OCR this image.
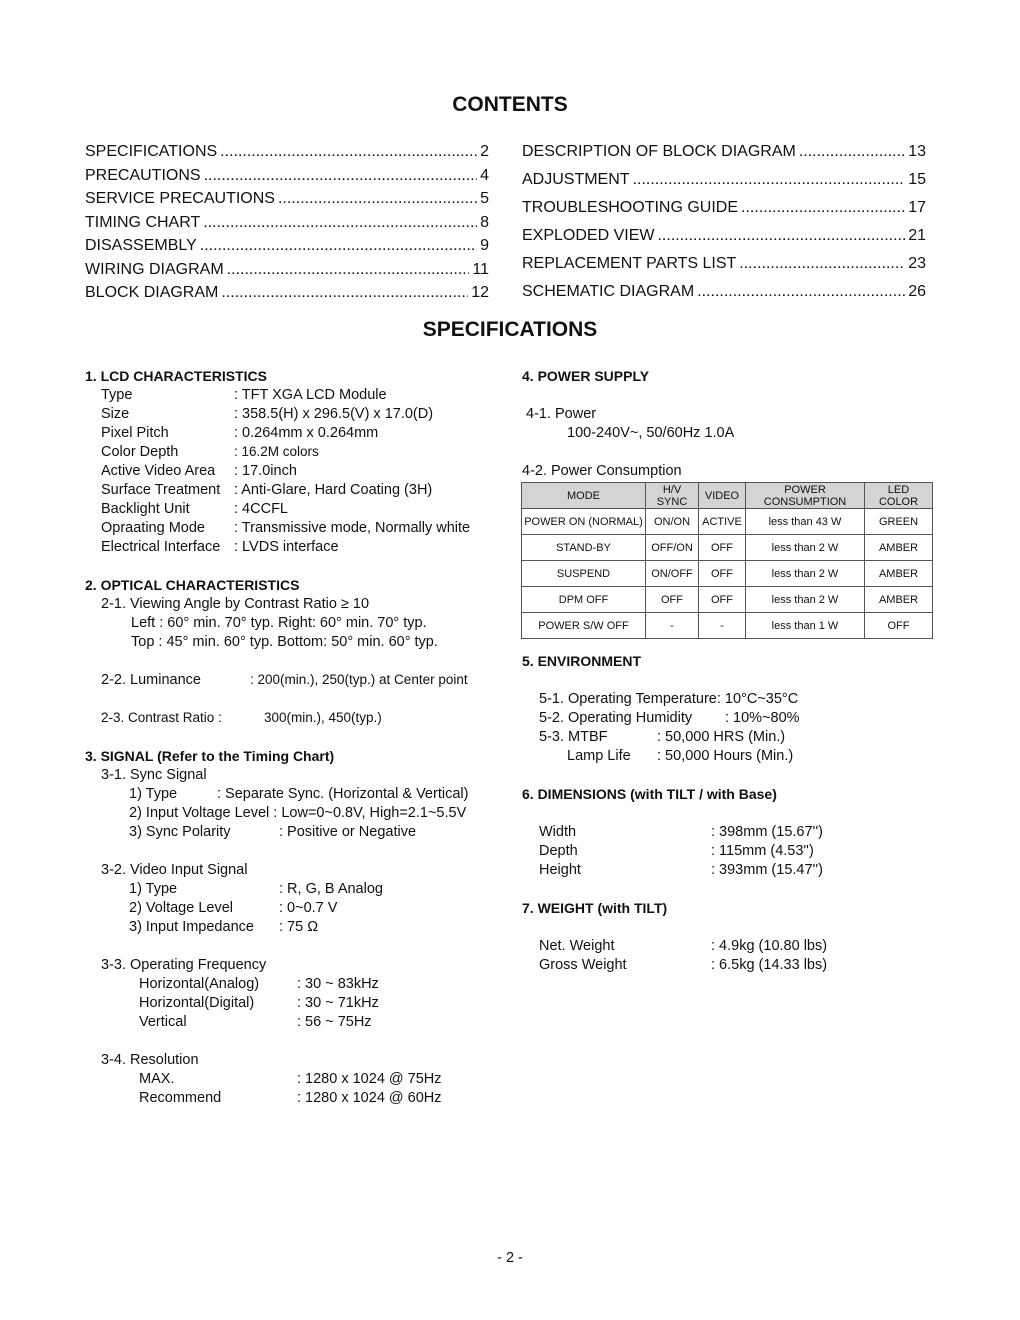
CONTENTS
SPECIFICATIONS .....	2
PRECAUTIONS .....	4
SERVICE PRECAUTIONS .....	5
TIMING CHART .....	8
DISASSEMBLY .....	9
WIRING DIAGRAM .....	11
BLOCK DIAGRAM .....	12
DESCRIPTION OF BLOCK DIAGRAM .....	13
ADJUSTMENT .....	15
TROUBLESHOOTING GUIDE .....	17
EXPLODED VIEW .....	21
REPLACEMENT PARTS LIST .....	23
SCHEMATIC DIAGRAM .....	26
SPECIFICATIONS
1. LCD CHARACTERISTICS
Type	: TFT XGA LCD Module
Size	: 358.5(H) x 296.5(V) x 17.0(D)
Pixel Pitch	: 0.264mm x 0.264mm
Color Depth	: 16.2M colors
Active Video Area : 17.0inch
Surface Treatment : Anti-Glare, Hard Coating (3H)
Backlight Unit	: 4CCFL
Opraating Mode : Transmissive mode, Normally white
Electrical Interface : LVDS interface
2. OPTICAL CHARACTERISTICS
2-1. Viewing Angle by Contrast Ratio ≥ 10
Left : 60° min. 70° typ. Right: 60° min. 70° typ.
Top : 45° min. 60° typ. Bottom: 50° min. 60° typ.
2-2. Luminance	: 200(min.), 250(typ.) at Center point
2-3. Contrast Ratio :	300(min.), 450(typ.)
3. SIGNAL (Refer to the Timing Chart)
3-1. Sync Signal
1) Type	: Separate Sync. (Horizontal & Vertical)
2) Input Voltage Level : Low=0~0.8V, High=2.1~5.5V
3) Sync Polarity	: Positive or Negative
3-2. Video Input Signal
1) Type	: R, G, B Analog
2) Voltage Level	: 0~0.7 V
3) Input Impedance : 75 Ω
3-3. Operating Frequency
Horizontal(Analog)	: 30 ~ 83kHz
Horizontal(Digital)	: 30 ~ 71kHz
Vertical	: 56 ~ 75Hz
3-4. Resolution
MAX.	: 1280 x 1024 @ 75Hz
Recommend	: 1280 x 1024 @ 60Hz
4. POWER SUPPLY
4-1. Power
100-240V~, 50/60Hz 1.0A
4-2. Power Consumption
MODE	H/V SYNC	VIDEO	POWER CONSUMPTION	LED COLOR
POWER ON (NORMAL)	ON/ON	ACTIVE	less than 43 W	GREEN
STAND-BY	OFF/ON	OFF	less than 2 W	AMBER
SUSPEND	ON/OFF	OFF	less than 2 W	AMBER
DPM OFF	OFF	OFF	less than 2 W	AMBER
POWER S/W OFF	-	-	less than 1 W	OFF
5. ENVIRONMENT
5-1. Operating Temperature: 10°C~35°C
5-2. Operating Humidity : 10%~80%
5-3. MTBF	: 50,000 HRS (Min.)
Lamp Life : 50,000 Hours (Min.)
6. DIMENSIONS (with TILT / with Base)
Width	: 398mm (15.67'')
Depth	: 115mm (4.53'')
Height	: 393mm (15.47'')
7. WEIGHT (with TILT)
Net. Weight	: 4.9kg (10.80 lbs)
Gross Weight	: 6.5kg (14.33 lbs)
- 2 -
